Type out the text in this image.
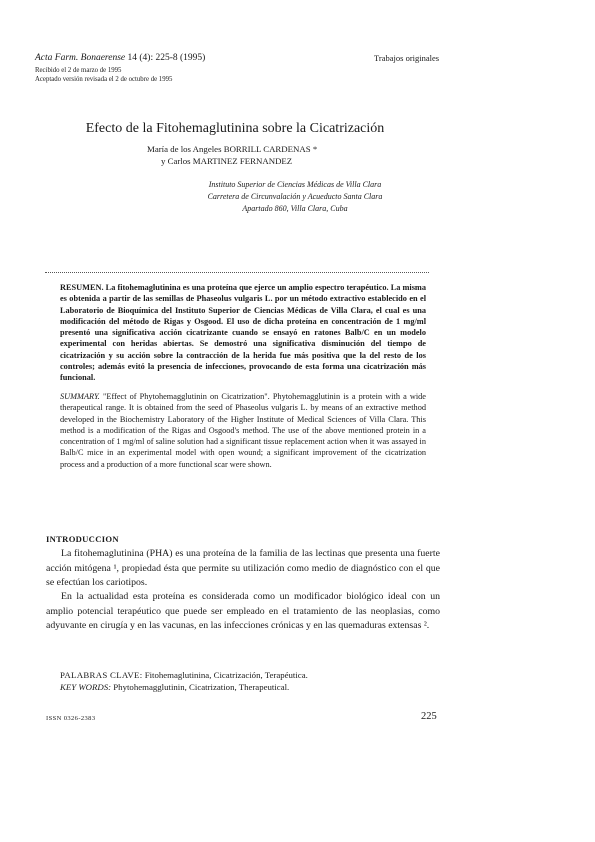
Acta Farm. Bonaerense 14 (4): 225-8 (1995)	Trabajos originales
Recibido el 2 de marzo de 1995
Aceptado versión revisada el 2 de octubre de 1995
Efecto de la Fitohemaglutinina sobre la Cicatrización
María de los Angeles BORRILL CARDENAS *
y Carlos MARTINEZ FERNANDEZ
Instituto Superior de Ciencias Médicas de Villa Clara
Carretera de Circunvalación y Acueducto Santa Clara
Apartado 860, Villa Clara, Cuba
RESUMEN. La fitohemaglutinina es una proteína que ejerce un amplio espectro terapéutico. La misma es obtenida a partir de las semillas de Phaseolus vulgaris L. por un método extractivo establecido en el Laboratorio de Bioquímica del Instituto Superior de Ciencias Médicas de Villa Clara, el cual es una modificación del método de Rigas y Osgood. El uso de dicha proteína en concentración de 1 mg/ml presentó una significativa acción cicatrizante cuando se ensayó en ratones Balb/C en un modelo experimental con heridas abiertas. Se demostró una significativa disminución del tiempo de cicatrización y su acción sobre la contracción de la herida fue más positiva que la del resto de los controles; además evitó la presencia de infecciones, provocando de esta forma una cicatrización más funcional.
SUMMARY. "Effect of Phytohemagglutinin on Cicatrization". Phytohemagglutinin is a protein with a wide therapeutical range. It is obtained from the seed of Phaseolus vulgaris L. by means of an extractive method developed in the Biochemistry Laboratory of the Higher Institute of Medical Sciences of Villa Clara. This method is a modification of the Rigas and Osgood's method. The use of the above mentioned protein in a concentration of 1 mg/ml of saline solution had a significant tissue replacement action when it was assayed in Balb/C mice in an experimental model with open wound; a significant improvement of the cicatrization process and a production of a more functional scar were shown.
INTRODUCCION
La fitohemaglutinina (PHA) es una proteína de la familia de las lectinas que presenta una fuerte acción mitógena ¹, propiedad ésta que permite su utilización como medio de diagnóstico con el que se efectúan los cariotipos.
En la actualidad esta proteína es considerada como un modificador biológico ideal con un amplio potencial terapéutico que puede ser empleado en el tratamiento de las neoplasias, como adyuvante en cirugía y en las vacunas, en las infecciones crónicas y en las quemaduras extensas ².
PALABRAS CLAVE: Fitohemaglutinina, Cicatrización, Terapéutica.
KEY WORDS: Phytohemagglutinin, Cicatrization, Therapeutical.
ISSN 0326-2383	225
